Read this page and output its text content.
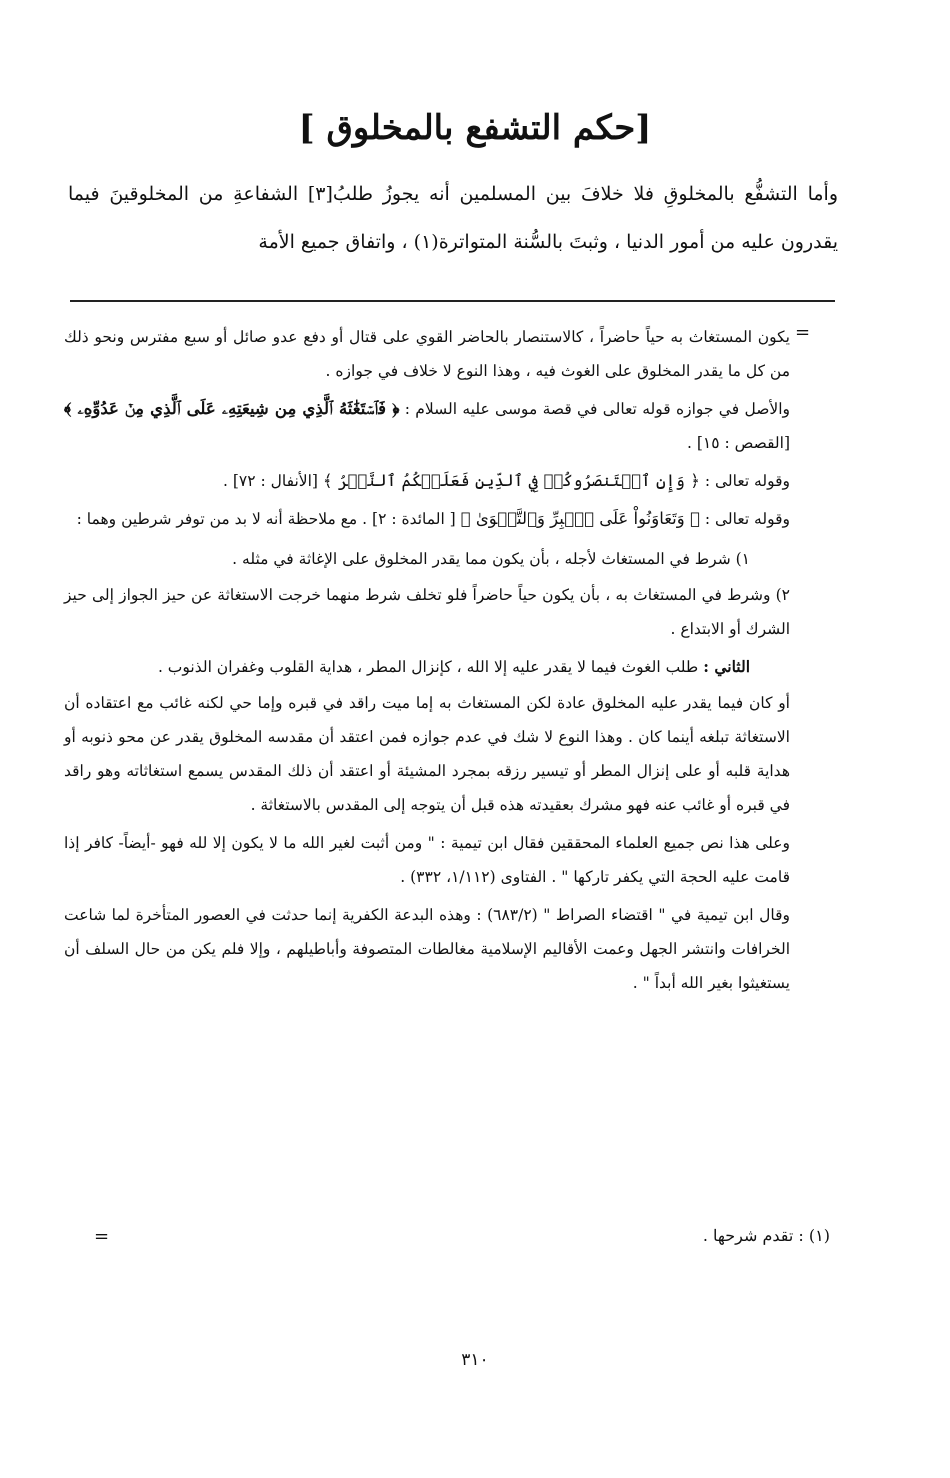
[حكم التشفع بالمخلوق ]

وأما التشفُّع بالمخلوقِ فلا خلافَ بين المسلمين أنه يجوزُ طلبُ[٣] الشفاعةِ من المخلوقينَ فيما يقدرون عليه من أمور الدنيا ، وثبتَ بالسُّنة المتواترة(١) ، واتفاق جميع الأمة

=

يكون المستغاث به حياً حاضراً ، كالاستنصار بالحاضر القوي على قتال أو دفع عدو صائل أو سبع مفترس ونحو ذلك من كل ما يقدر المخلوق على الغوث فيه ، وهذا النوع لا خلاف في جوازه .

والأصل في جوازه قوله تعالى في قصة موسى عليه السلام : ﴿ فَٱسۡتَغَٰثَهُ ٱلَّذِي مِن شِيعَتِهِۦ عَلَى ٱلَّذِي مِنۡ عَدُوِّهِۦ ﴾ [القصص : ١٥] .

وقوله تعالى : ﴿ وَإِنِ ٱسۡتَنصَرُوكُمۡ فِي ٱلدِّينِ فَعَلَيۡكُمُ ٱلنَّصۡرُ ﴾ [الأنفال : ٧٢] .

وقوله تعالى : ﴿ وَتَعَاوَنُواْ عَلَى ٱلۡبِرِّ وَٱلتَّقۡوَىٰ ﴾ [ المائدة : ٢] . مع ملاحظة أنه لا بد من توفر شرطين وهما :

١) شرط في المستغاث لأجله ، بأن يكون مما يقدر المخلوق على الإغاثة في مثله .

٢) وشرط في المستغاث به ، بأن يكون حياً حاضراً فلو تخلف شرط منهما خرجت الاستغاثة عن حيز الجواز إلى حيز الشرك أو الابتداع .

الثاني : طلب الغوث فيما لا يقدر عليه إلا الله ، كإنزال المطر ، هداية القلوب وغفران الذنوب .

أو كان فيما يقدر عليه المخلوق عادة لكن المستغاث به إما ميت راقد في قبره وإما حي لكنه غائب مع اعتقاده أن الاستغاثة تبلغه أينما كان . وهذا النوع لا شك في عدم جوازه فمن اعتقد أن مقدسه المخلوق يقدر عن محو ذنوبه أو هداية قلبه أو على إنزال المطر أو تيسير رزقه بمجرد المشيئة أو اعتقد أن ذلك المقدس يسمع استغاثاته وهو راقد في قبره أو غائب عنه فهو مشرك بعقيدته هذه قبل أن يتوجه إلى المقدس بالاستغاثة .

وعلى هذا نص جميع العلماء المحققين فقال ابن تيمية : " ومن أثبت لغير الله ما لا يكون إلا لله فهو -أيضاً- كافر إذا قامت عليه الحجة التي يكفر تاركها " . الفتاوى (١/١١٢، ٣٣٢) .

وقال ابن تيمية في " اقتضاء الصراط " (٦٨٣/٢) : وهذه البدعة الكفرية إنما حدثت في العصور المتأخرة لما شاعت الخرافات وانتشر الجهل وعمت الأقاليم الإسلامية مغالطات المتصوفة وأباطيلهم ، وإلا فلم يكن من حال السلف أن يستغيثوا بغير الله أبداً " .

(١) : تقدم شرحها .
=
٣١٠
